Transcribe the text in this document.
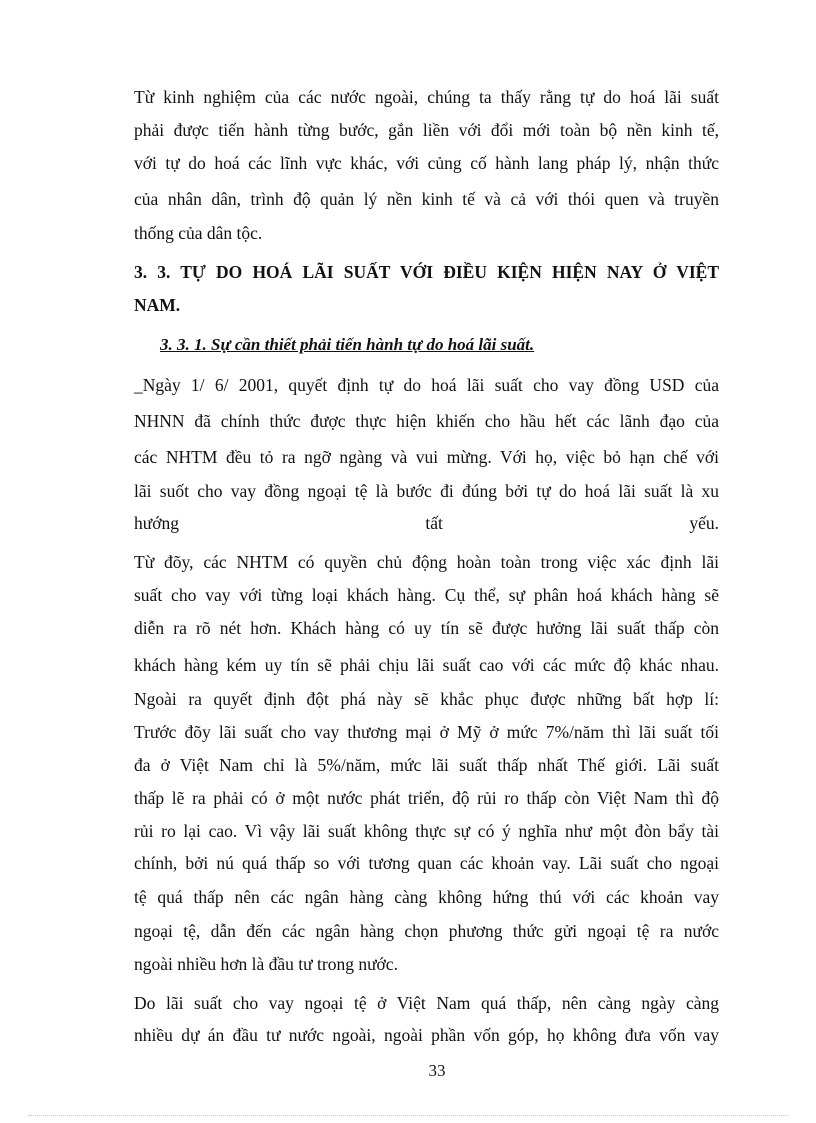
Từ kinh nghiệm của các nước ngoài, chúng ta thấy rằng tự do hoá lãi suất
phải được tiến hành từng bước, gắn liền với đổi mới toàn bộ nền kinh tế,
với tự do hoá các lĩnh vực khác, với củng cố hành lang pháp lý, nhận thức
của nhân dân, trình độ quản lý nền kinh tế và cả với thói quen và truyền
thống của dân tộc.
3. 3. TỰ DO HOÁ LÃI SUẤT VỚI ĐIỀU KIỆN HIỆN NAY Ở VIỆT
NAM.
3. 3. 1. Sự cần thiết phải tiến hành tự do hoá lãi suất.
_Ngày 1/ 6/ 2001, quyết định tự do hoá lãi suất cho vay đồng USD của
NHNN đã chính thức được thực hiện khiến cho hầu hết các lãnh đạo của
các NHTM đều tỏ ra ngỡ ngàng và vui mừng. Với họ, việc bỏ hạn chế với
lãi suốt cho vay đồng ngoại tệ là bước đi đúng bởi tự do hoá lãi suất là xu
hướng tất yếu.
Từ đõy, các NHTM có quyền chủ động hoàn toàn trong việc xác định lãi
suất cho vay với từng loại khách hàng. Cụ thể, sự phân hoá khách hàng sẽ
diễn ra rõ nét hơn. Khách hàng có uy tín sẽ được hưởng lãi suất thấp còn
khách hàng kém uy tín sẽ phải chịu lãi suất cao với các mức độ khác nhau.
Ngoài ra quyết định đột phá này sẽ khắc phục được những bất hợp lí:
Trước đõy lãi suất cho vay thương mại ở Mỹ ở mức 7%/năm thì lãi suất tối
đa ở Việt Nam chỉ là 5%/năm, mức lãi suất thấp nhất Thế giới. Lãi suất
thấp lẽ ra phải có ở một nước phát triển, độ rủi ro thấp còn Việt Nam thì độ
rủi ro lại cao. Vì vậy lãi suất không thực sự có ý nghĩa như một đòn bẩy tài
chính, bởi nú quá thấp so với tương quan các khoản vay. Lãi suất cho ngoại
tệ quá thấp nên các ngân hàng càng không hứng thú với các khoản vay
ngoại tệ, dẫn đến các ngân hàng chọn phương thức gửi ngoại tệ ra nước
ngoài nhiều hơn là đầu tư trong nước.
Do lãi suất cho vay ngoại tệ ở Việt Nam quá thấp, nên càng ngày càng
nhiều dự án đầu tư nước ngoài, ngoài phần vốn góp, họ không đưa vốn vay
33
